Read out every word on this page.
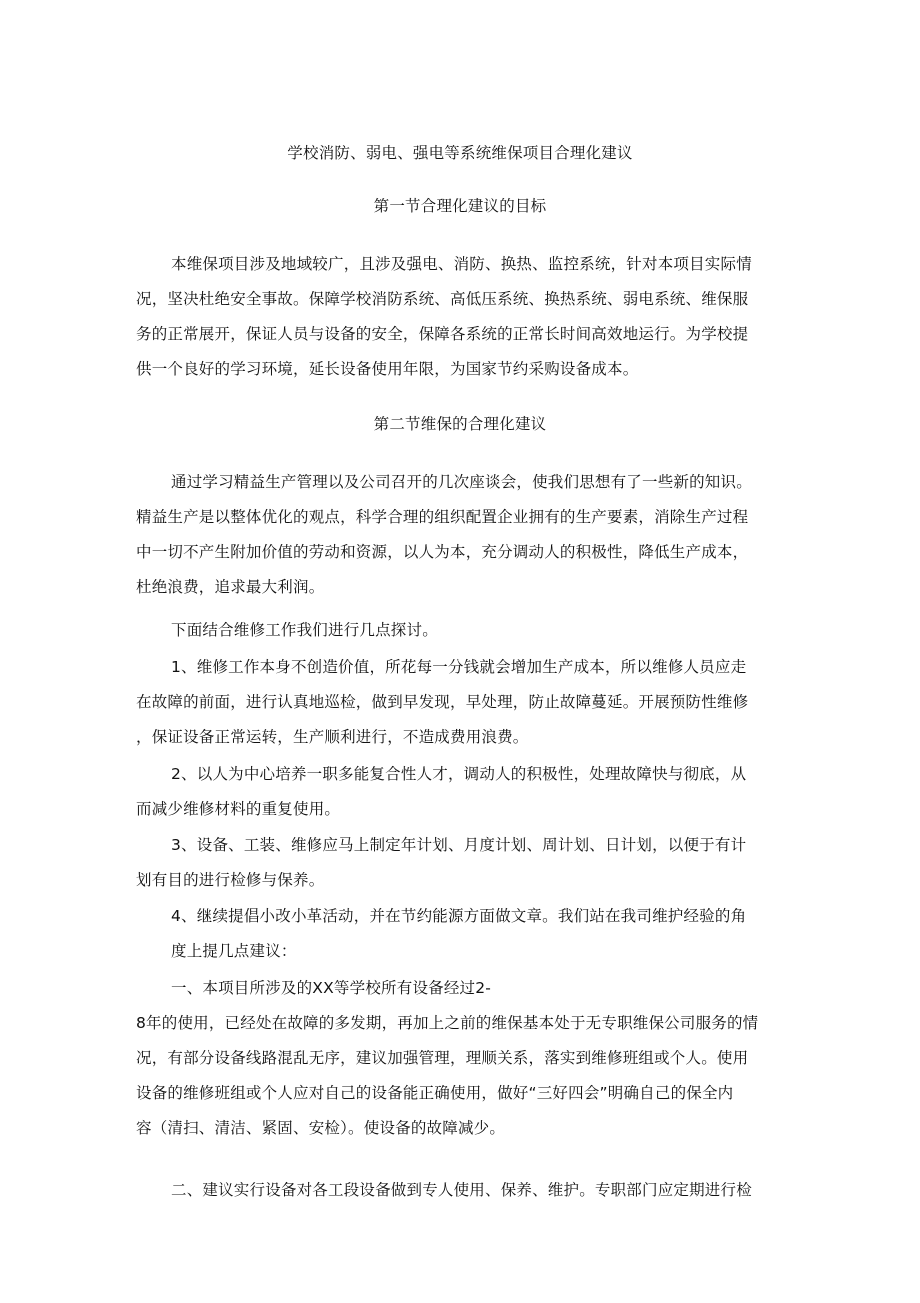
学校消防、弱电、强电等系统维保项目合理化建议
第一节合理化建议的目标
本维保项目涉及地域较广，且涉及强电、消防、换热、监控系统，针对本项目实际情
况，坚决杜绝安全事故。保障学校消防系统、高低压系统、换热系统、弱电系统、维保服
务的正常展开，保证人员与设备的安全，保障各系统的正常长时间高效地运行。为学校提
供一个良好的学习环境，延长设备使用年限，为国家节约采购设备成本。
第二节维保的合理化建议
通过学习精益生产管理以及公司召开的几次座谈会，使我们思想有了一些新的知识。
精益生产是以整体优化的观点，科学合理的组织配置企业拥有的生产要素，消除生产过程
中一切不产生附加价值的劳动和资源，以人为本，充分调动人的积极性，降低生产成本，
杜绝浪费，追求最大利润。
下面结合维修工作我们进行几点探讨。
1、维修工作本身不创造价值，所花每一分钱就会增加生产成本，所以维修人员应走
在故障的前面，进行认真地巡检，做到早发现，早处理，防止故障蔓延。开展预防性维修
，保证设备正常运转，生产顺利进行，不造成费用浪费。
2、以人为中心培养一职多能复合性人才，调动人的积极性，处理故障快与彻底，从
而减少维修材料的重复使用。
3、设备、工装、维修应马上制定年计划、月度计划、周计划、日计划，以便于有计
划有目的进行检修与保养。
4、继续提倡小改小革活动，并在节约能源方面做文章。我们站在我司维护经验的角
度上提几点建议：
一、本项目所涉及的XX等学校所有设备经过2-
8年的使用，已经处在故障的多发期，再加上之前的维保基本处于无专职维保公司服务的情
况，有部分设备线路混乱无序，建议加强管理，理顺关系，落实到维修班组或个人。使用
设备的维修班组或个人应对自己的设备能正确使用，做好“三好四会”明确自己的保全内
容（清扫、清洁、紧固、安检）。使设备的故障减少。
二、建议实行设备对各工段设备做到专人使用、保养、维护。专职部门应定期进行检
